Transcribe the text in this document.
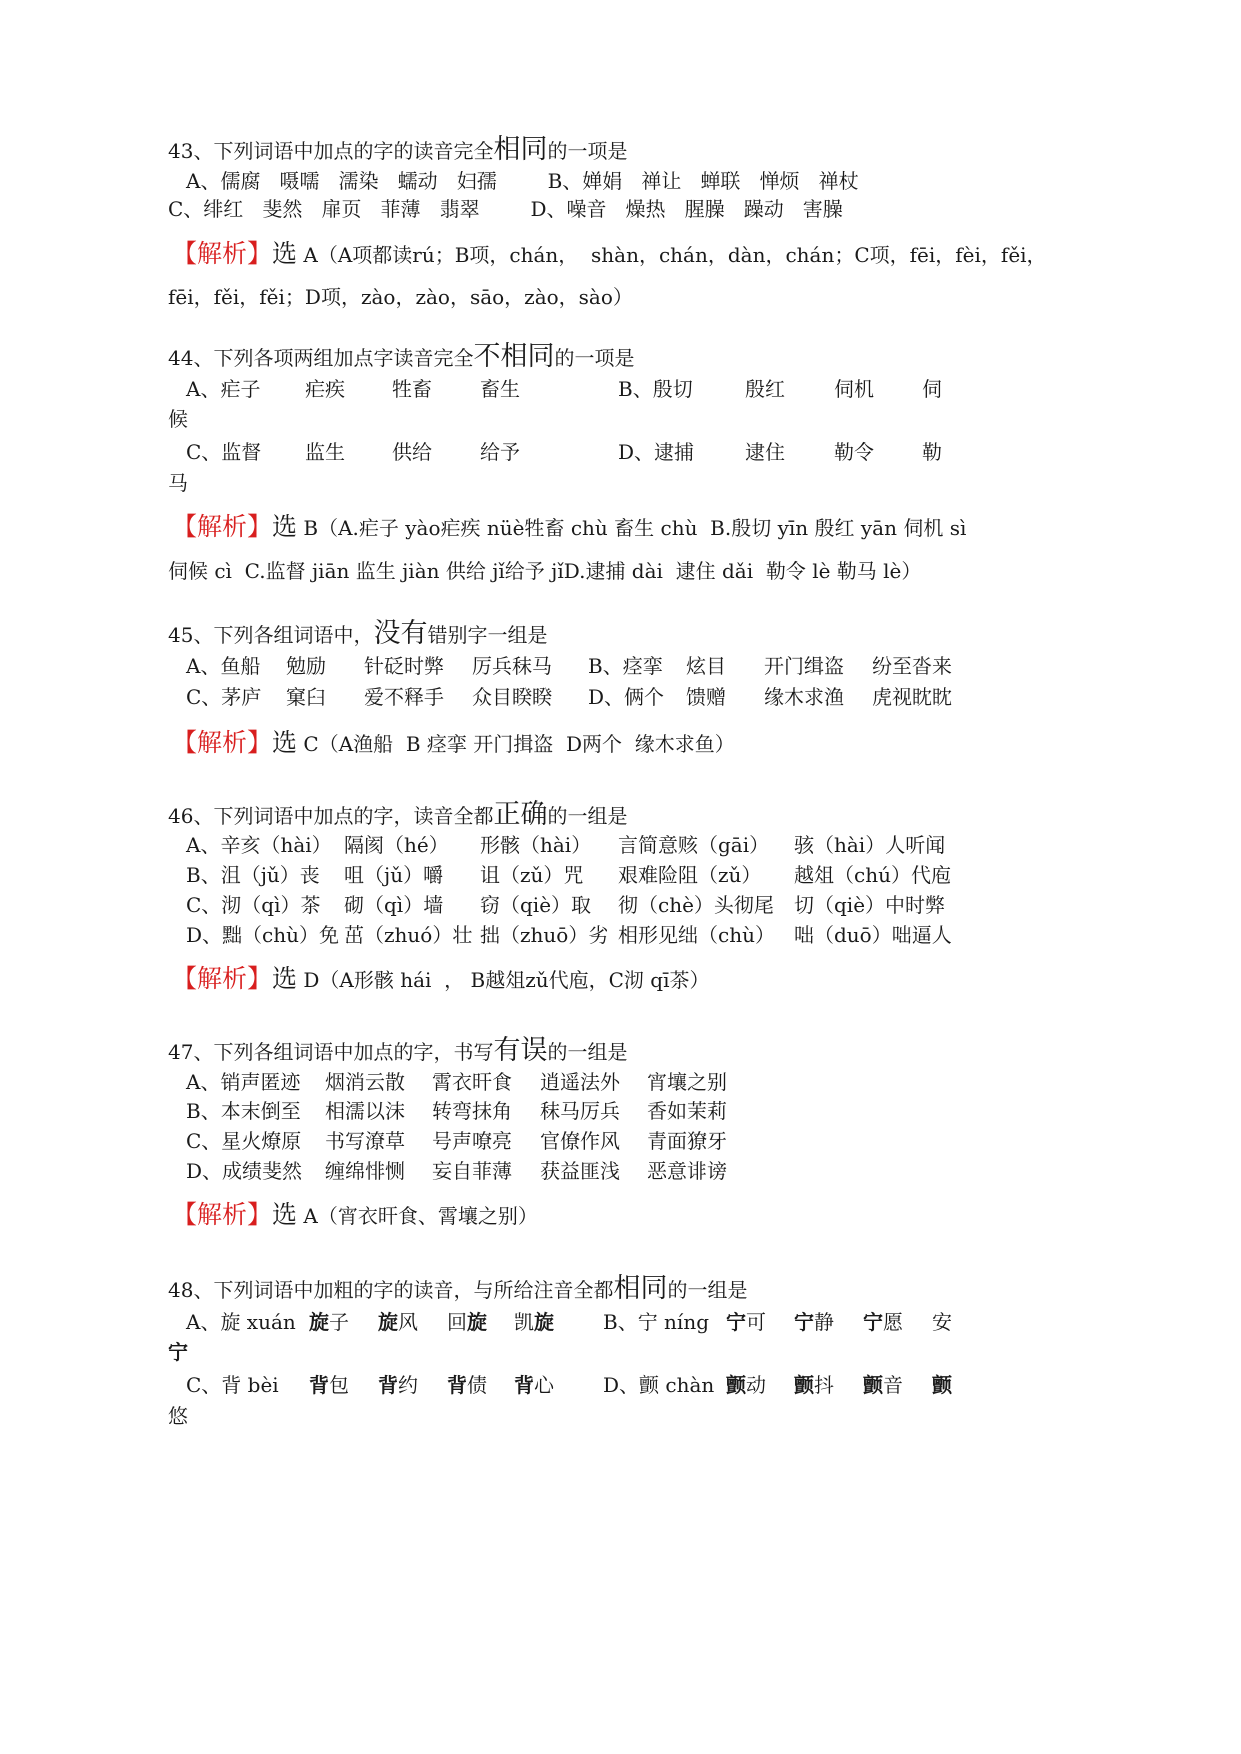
43、下列词语中加点的字的读音完全相同的一项是
A、儒腐   嗫嚅   濡染   蠕动   妇孺        B、婵娟   禅让   蝉联   惮烦   禅杖
C、绯红   斐然   扉页   菲薄   翡翠        D、噪音   燥热   腥臊   躁动   害臊
【解析】选 A（A项都读rú；B项，chán，  shàn，chán，dàn，chán；C项，fēi，fèi，fěi，
fēi，fěi，fěi；D项，zào，zào，sāo，zào，sào）
44、下列各项两组加点字读音完全不相同的一项是
A、疟子 疟疾 牲畜 畜生	B、殷切	殷红 伺机 伺
候
C、监督 监生 供给 给予	D、逮捕	逮住 勒令 勒
马
【解析】选 B（A.疟子 yào疟疾 nüè牲畜 chù 畜生 chù  B.殷切 yīn 殷红 yān 伺机 sì
伺候 cì  C.监督 jiān 监生 jiàn 供给 jǐ给予 jǐD.逮捕 dài  逮住 dǎi  勒令 lè 勒马 lè）
45、下列各组词语中，没有错别字一组是
A、鱼船 勉励 针砭时弊 厉兵秣马 B、痉挛 炫目 开门缉盗 纷至沓来
C、茅庐 窠臼 爱不释手 众目睽睽 D、俩个 馈赠 缘木求渔 虎视眈眈
【解析】选 C（A渔船  B 痉挛 开门揖盗  D两个  缘木求鱼）
46、下列词语中加点的字，读音全都正确的一组是
A、辛亥（hài） 隔阂（hé） 形骸（hài） 言简意赅（gāi） 骇（hài）人听闻
B、沮（jǔ）丧 咀（jǔ）嚼 诅（zǔ）咒 艰难险阻（zǔ） 越俎（chú）代庖
C、沏（qì）茶 砌（qì）墙 窃（qiè）取 彻（chè）头彻尾 切（qiè）中时弊
D、黜（chù）免 茁（zhuó）壮 拙（zhuō）劣 相形见绌（chù） 咄（duō）咄逼人
【解析】选 D（A形骸 hái  ， B越俎zǔ代庖，C沏 qī茶）
47、下列各组词语中加点的字，书写有误的一组是
A、销声匿迹 烟消云散 霄衣旰食 逍遥法外 宵壤之别
B、本末倒至 相濡以沫 转弯抹角 秣马厉兵 香如茉莉
C、星火燎原 书写潦草 号声嘹亮 官僚作风 青面獠牙
D、成绩斐然 缠绵悱恻 妄自菲薄 获益匪浅 恶意诽谤
【解析】选 A（宵衣旰食、霄壤之别）
48、下列词语中加粗的字的读音，与所给注音全都相同的一组是
A、旋 xuán 旋子 旋风 回旋 凯旋 B、宁 níng 宁可 宁静 宁愿 安
宁
C、背 bèi 背包 背约 背债 背心 D、颤 chàn 颤动 颤抖 颤音 颤
悠
